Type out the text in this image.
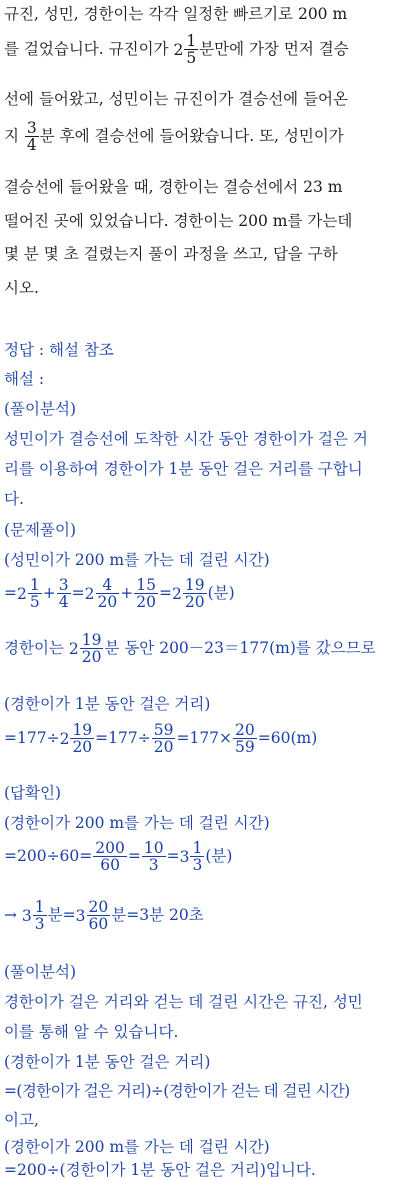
규진, 성민, 경한이는 각각 일정한 빠르기로 200 m
를 걸었습니다. 규진이가 $2 \frac{1}{5}$ 분만에 가장 먼저 결승
선에 들어왔고, 성민이는 규진이가 결승선에 들어온
지 $\frac{3}{4}$ 분 후에 결승선에 들어왔습니다. 또, 성민이가
결승선에 들어왔을 때, 경한이는 결승선에서 23 m
떨어진 곳에 있었습니다. 경한이는 200 m를 가는데
몇 분 몇 초 걸렸는지 풀이 과정을 쓰고, 답을 구하
시오.
정답 : 해설 참조
해설 :
(풀이분석)
성민이가 결승선에 도착한 시간 동안 경한이가 걸은 거
리를 이용하여 경한이가 1분 동안 걸은 거리를 구합니
다.
(문제풀이)
(성민이가 200 m를 가는 데 걸린 시간)
$=2 \frac{1}{5} + \frac{3}{4} =2 \frac{4}{20} + \frac{15}{20} =2 \frac{19}{20}$ (분)
경한이는 $2 \frac{19}{20}$ 분 동안 200－23＝177(m)를 갔으므로
(경한이가 1분 동안 걸은 거리)
$=177\div 2 \frac{19}{20} =177\div \frac{59}{20} =177\times \frac{20}{59} =60(m)$
(답확인)
(경한이가 200 m를 가는 데 걸린 시간)
$=200\div 60= \frac{200}{60} = \frac{10}{3} =3 \frac{1}{3}$ (분)
→ $3 \frac{1}{3}$ 분$=3 \frac{20}{60}$ 분=3분 20초
(풀이분석)
경한이가 걸은 거리와 걷는 데 걸린 시간은 규진, 성민
이를 통해 알 수 있습니다.
(경한이가 1분 동안 걸은 거리)
=(경한이가 걸은 거리)÷(경한이가 걷는 데 걸린 시간)
이고,
(경한이가 200 m를 가는 데 걸린 시간)
=200÷(경한이가 1분 동안 걸은 거리)입니다.
